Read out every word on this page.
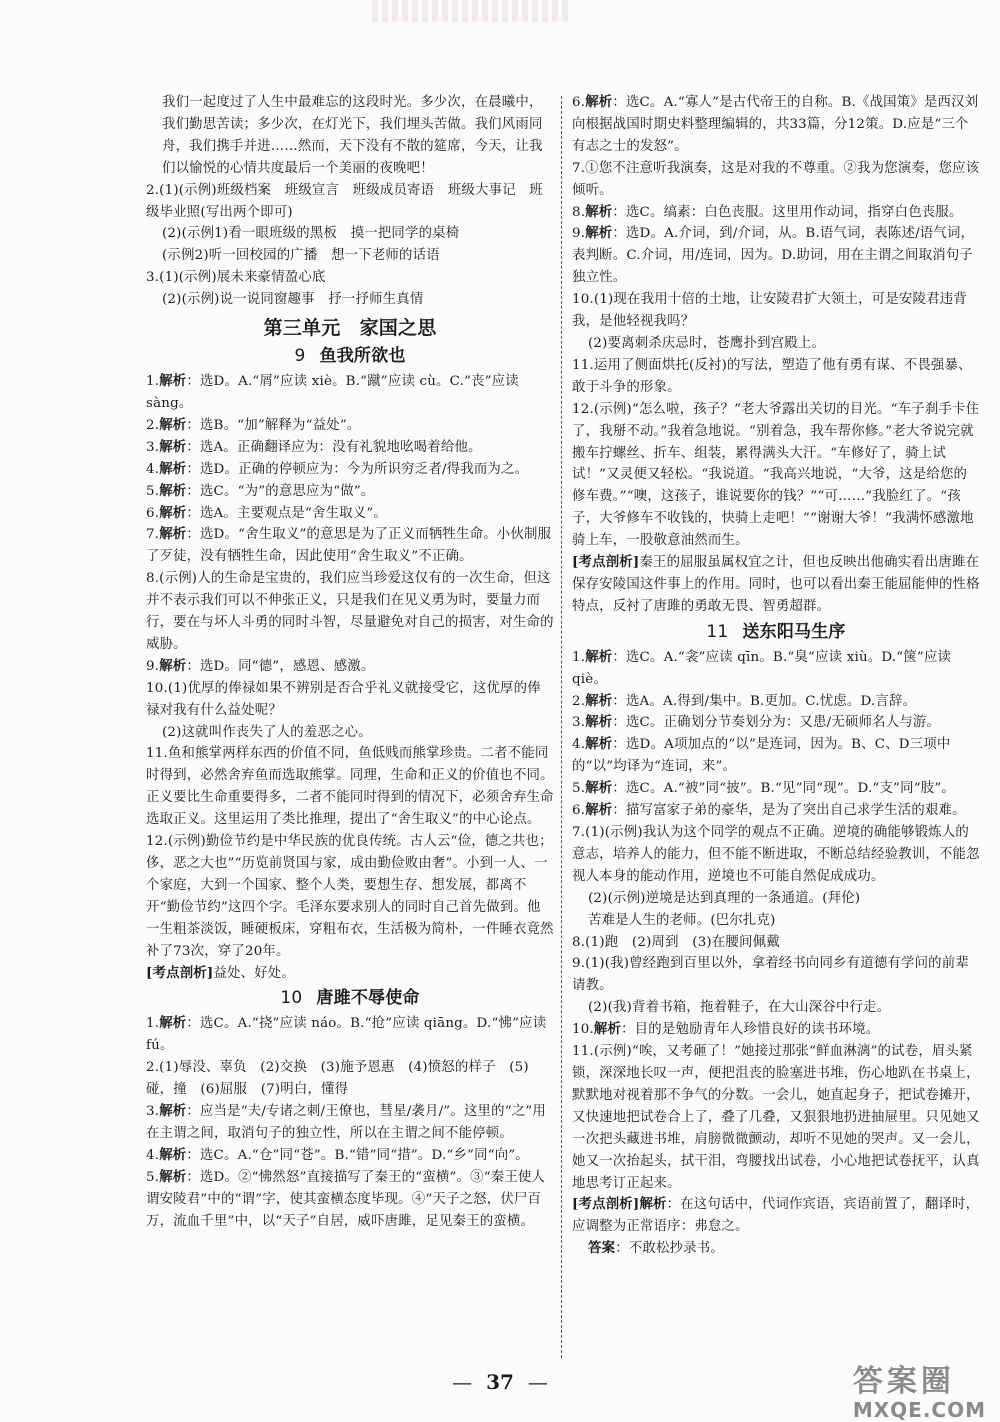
我们一起度过了人生中最难忘的这段时光。多少次，在晨曦中，我们勤思苦读；多少次，在灯光下，我们埋头苦做。我们风雨同舟，我们携手并进……然而，天下没有不散的筵席，今天，让我们以愉悦的心情共度最后一个美丽的夜晚吧！
2.(1)(示例)班级档案　班级宣言　班级成员寄语　班级大事记　班级毕业照(写出两个即可)
(2)(示例1)看一眼班级的黑板　摸一把同学的桌椅
(示例2)听一回校园的广播　想一下老师的话语
3.(1)(示例)展未来豪情盈心底
(2)(示例)说一说同窗趣事　抒一抒师生真情
第三单元　家国之思
9 鱼我所欲也
1.解析：选D。A.“屑”应读 xiè。B.“蹴”应读 cù。C.“丧”应读 sàng。
2.解析：选B。“加”解释为“益处”。
3.解析：选A。正确翻译应为：没有礼貌地吆喝着给他。
4.解析：选D。正确的停顿应为：今为所识穷乏者/得我而为之。
5.解析：选C。“为”的意思应为“做”。
6.解析：选A。主要观点是“舍生取义”。
7.解析：选D。“舍生取义”的意思是为了正义而牺牲生命。小伙制服了歹徒，没有牺牲生命，因此使用“舍生取义”不正确。
8.(示例)人的生命是宝贵的，我们应当珍爱这仅有的一次生命，但这并不表示我们可以不伸张正义，只是我们在见义勇为时，要量力而行，要在与坏人斗勇的同时斗智，尽量避免对自己的损害，对生命的威胁。
9.解析：选D。同“德”，感恩、感激。
10.(1)优厚的俸禄如果不辨别是否合乎礼义就接受它，这优厚的俸禄对我有什么益处呢？
(2)这就叫作丧失了人的羞恶之心。
11.鱼和熊掌两样东西的价值不同，鱼低贱而熊掌珍贵。二者不能同时得到，必然舍弃鱼而选取熊掌。同理，生命和正义的价值也不同。正义要比生命重要得多，二者不能同时得到的情况下，必须舍弃生命选取正义。这里运用了类比推理，提出了“舍生取义”的中心论点。
12.(示例)勤俭节约是中华民族的优良传统。古人云“俭，德之共也；侈，恶之大也”“历览前贤国与家，成由勤俭败由奢”。小到一人、一个家庭，大到一个国家、整个人类，要想生存、想发展，都离不开“勤俭节约”这四个字。毛泽东要求别人的同时自己首先做到。他一生粗茶淡饭，睡硬板床，穿粗布衣，生活极为简朴，一件睡衣竟然补了73次，穿了20年。
[考点剖析]益处、好处。
10 唐雎不辱使命
1.解析：选C。A.“挠”应读 náo。B.“抢”应读 qiāng。D.“怫”应读 fú。
2.(1)辱没、辜负　(2)交换　(3)施予恩惠　(4)愤怒的样子　(5)碰，撞　(6)屈服　(7)明白，懂得
3.解析：应当是“夫/专诸之刺/王僚也，彗星/袭月/”。这里的“之”用在主谓之间，取消句子的独立性，所以在主谓之间不能停顿。
4.解析：选C。A.“仓”同“苍”。B.“错”同“措”。D.“乡”同“向”。
5.解析：选D。②“怫然怒”直接描写了秦王的“蛮横”。③“秦王使人谓安陵君”中的“谓”字，使其蛮横态度毕现。④“天子之怒，伏尸百万，流血千里”中，以“天子”自居，威吓唐雎，足见秦王的蛮横。
6.解析：选C。A.“寡人”是古代帝王的自称。B.《战国策》是西汉刘向根据战国时期史料整理编辑的，共33篇，分12策。D.应是“三个有志之士的发怒”。
7.①您不注意听我演奏，这是对我的不尊重。②我为您演奏，您应该倾听。
8.解析：选C。缟素：白色丧服。这里用作动词，指穿白色丧服。
9.解析：选D。A.介词，到/介词，从。B.语气词，表陈述/语气词，表判断。C.介词，用/连词，因为。D.助词，用在主谓之间取消句子独立性。
10.(1)现在我用十倍的土地，让安陵君扩大领土，可是安陵君违背我，是他轻视我吗？
(2)要离刺杀庆忌时，苍鹰扑到宫殿上。
11.运用了侧面烘托(反衬)的写法，塑造了他有勇有谋、不畏强暴、敢于斗争的形象。
12.(示例)“怎么啦，孩子？”老大爷露出关切的目光。“车子刹手卡住了，我掰不动。”我着急地说。“别着急，我车帮你修。”老大爷说完就搬车拧螺丝、折车、组装，累得满头大汗。“车修好了，骑上试试！”又灵便又轻松。“我说道。“我高兴地说，“大爷，这是给您的修车费。”“噢，这孩子，谁说要你的钱？”“可……”我脸红了。“孩子，大爷修车不收钱的，快骑上走吧！”“谢谢大爷！”我满怀感激地骑上车，一股敬意油然而生。
[考点剖析]秦王的屈服虽属权宜之计，但也反映出他确实看出唐雎在保存安陵国这件事上的作用。同时，也可以看出秦王能屈能伸的性格特点，反衬了唐雎的勇敢无畏、智勇超群。
11 送东阳马生序
1.解析：选C。A.“衾”应读 qīn。B.“臭”应读 xiù。D.“箧”应读 qiè。
2.解析：选A。A.得到/集中。B.更加。C.忧虑。D.言辞。
3.解析：选C。正确划分节奏划分为：又患/无硕师名人与游。
4.解析：选D。A项加点的“以”是连词，因为。B、C、D三项中的“以”均译为“连词，来”。
5.解析：选C。A.“被”同“披”。B.“见”同“现”。D.“支”同“肢”。
6.解析：描写富家子弟的豪华，是为了突出自己求学生活的艰难。
7.(1)(示例)我认为这个同学的观点不正确。逆境的确能够锻炼人的意志，培养人的能力，但不能不断进取，不断总结经验教训，不能忽视人本身的能动作用，逆境也不可能自然促成成功。
(2)(示例)逆境是达到真理的一条通道。(拜伦)
苦难是人生的老师。(巴尔扎克)
8.(1)跑　(2)周到　(3)在腰间佩戴
9.(1)(我)曾经跑到百里以外，拿着经书向同乡有道德有学问的前辈请教。
(2)(我)背着书箱，拖着鞋子，在大山深谷中行走。
10.解析：目的是勉励青年人珍惜良好的读书环境。
11.(示例)“唉，又考砸了！”她接过那张“鲜血淋漓”的试卷，眉头紧锁，深深地长叹一声，便把沮丧的脸塞进书堆，伤心地趴在书桌上，默默地对视着那不争气的分数。一会儿，她直起身子，把试卷摊开，又快速地把试卷合上了，叠了几叠，又狠狠地扔进抽屉里。只见她又一次把头藏进书堆，肩膀微微颤动，却听不见她的哭声。又一会儿，她又一次抬起头，拭干泪，弯腰找出试卷，小心地把试卷抚平，认真地思考订正起来。
[考点剖析]解析：在这句话中，代词作宾语，宾语前置了，翻译时，应调整为正常语序：弗怠之。
答案：不敢松抄录书。
— 37 —	答案圈
MXQE.COM
